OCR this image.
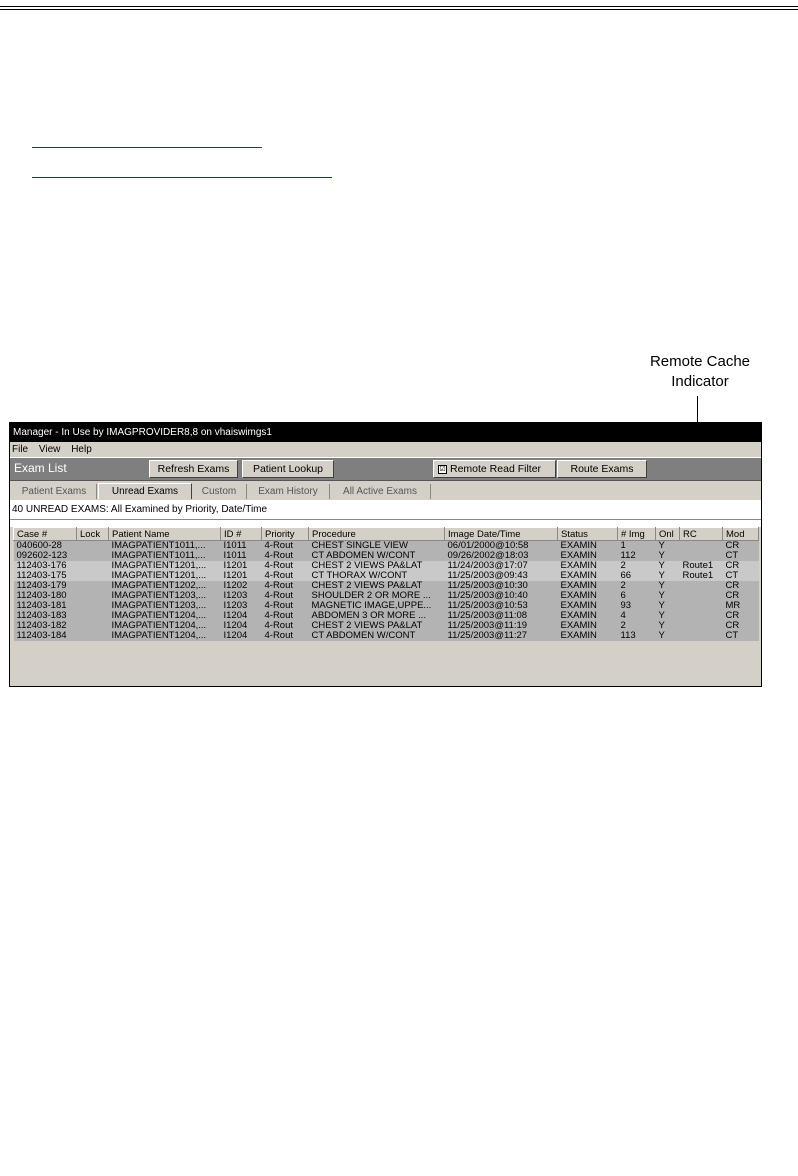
Remote Cache
Indicator
Manager - In Use by IMAGPROVIDER8,8 on vhaiswimgs1
File View Help
Exam List	Refresh Exams	Patient Lookup	☑ Remote Read Filter	Route Exams
Patient Exams	Unread Exams	Custom	Exam History	All Active Exams
40 UNREAD EXAMS: All Examined by Priority, Date/Time
Case #	Lock	Patient Name	ID #	Priority	Procedure	Image Date/Time	Status	# Img	Onl	RC	Mod
040600-28		IMAGPATIENT1011,...	I1011	4-Rout	CHEST SINGLE VIEW	06/01/2000@10:58	EXAMIN	1	Y		CR
092602-123		IMAGPATIENT1011,...	I1011	4-Rout	CT ABDOMEN W/CONT	09/26/2002@18:03	EXAMIN	112	Y		CT
112403-176		IMAGPATIENT1201,...	I1201	4-Rout	CHEST 2 VIEWS PA&LAT	11/24/2003@17:07	EXAMIN	2	Y	Route1	CR
112403-175		IMAGPATIENT1201,...	I1201	4-Rout	CT THORAX W/CONT	11/25/2003@09:43	EXAMIN	66	Y	Route1	CT
112403-179		IMAGPATIENT1202,...	I1202	4-Rout	CHEST 2 VIEWS PA&LAT	11/25/2003@10:30	EXAMIN	2	Y		CR
112403-180		IMAGPATIENT1203,...	I1203	4-Rout	SHOULDER 2 OR MORE ...	11/25/2003@10:40	EXAMIN	6	Y		CR
112403-181		IMAGPATIENT1203,...	I1203	4-Rout	MAGNETIC IMAGE,UPPE...	11/25/2003@10:53	EXAMIN	93	Y		MR
112403-183		IMAGPATIENT1204,...	I1204	4-Rout	ABDOMEN 3 OR MORE ...	11/25/2003@11:08	EXAMIN	4	Y		CR
112403-182		IMAGPATIENT1204,...	I1204	4-Rout	CHEST 2 VIEWS PA&LAT	11/25/2003@11:19	EXAMIN	2	Y		CR
112403-184		IMAGPATIENT1204,...	I1204	4-Rout	CT ABDOMEN W/CONT	11/25/2003@11:27	EXAMIN	113	Y		CT
